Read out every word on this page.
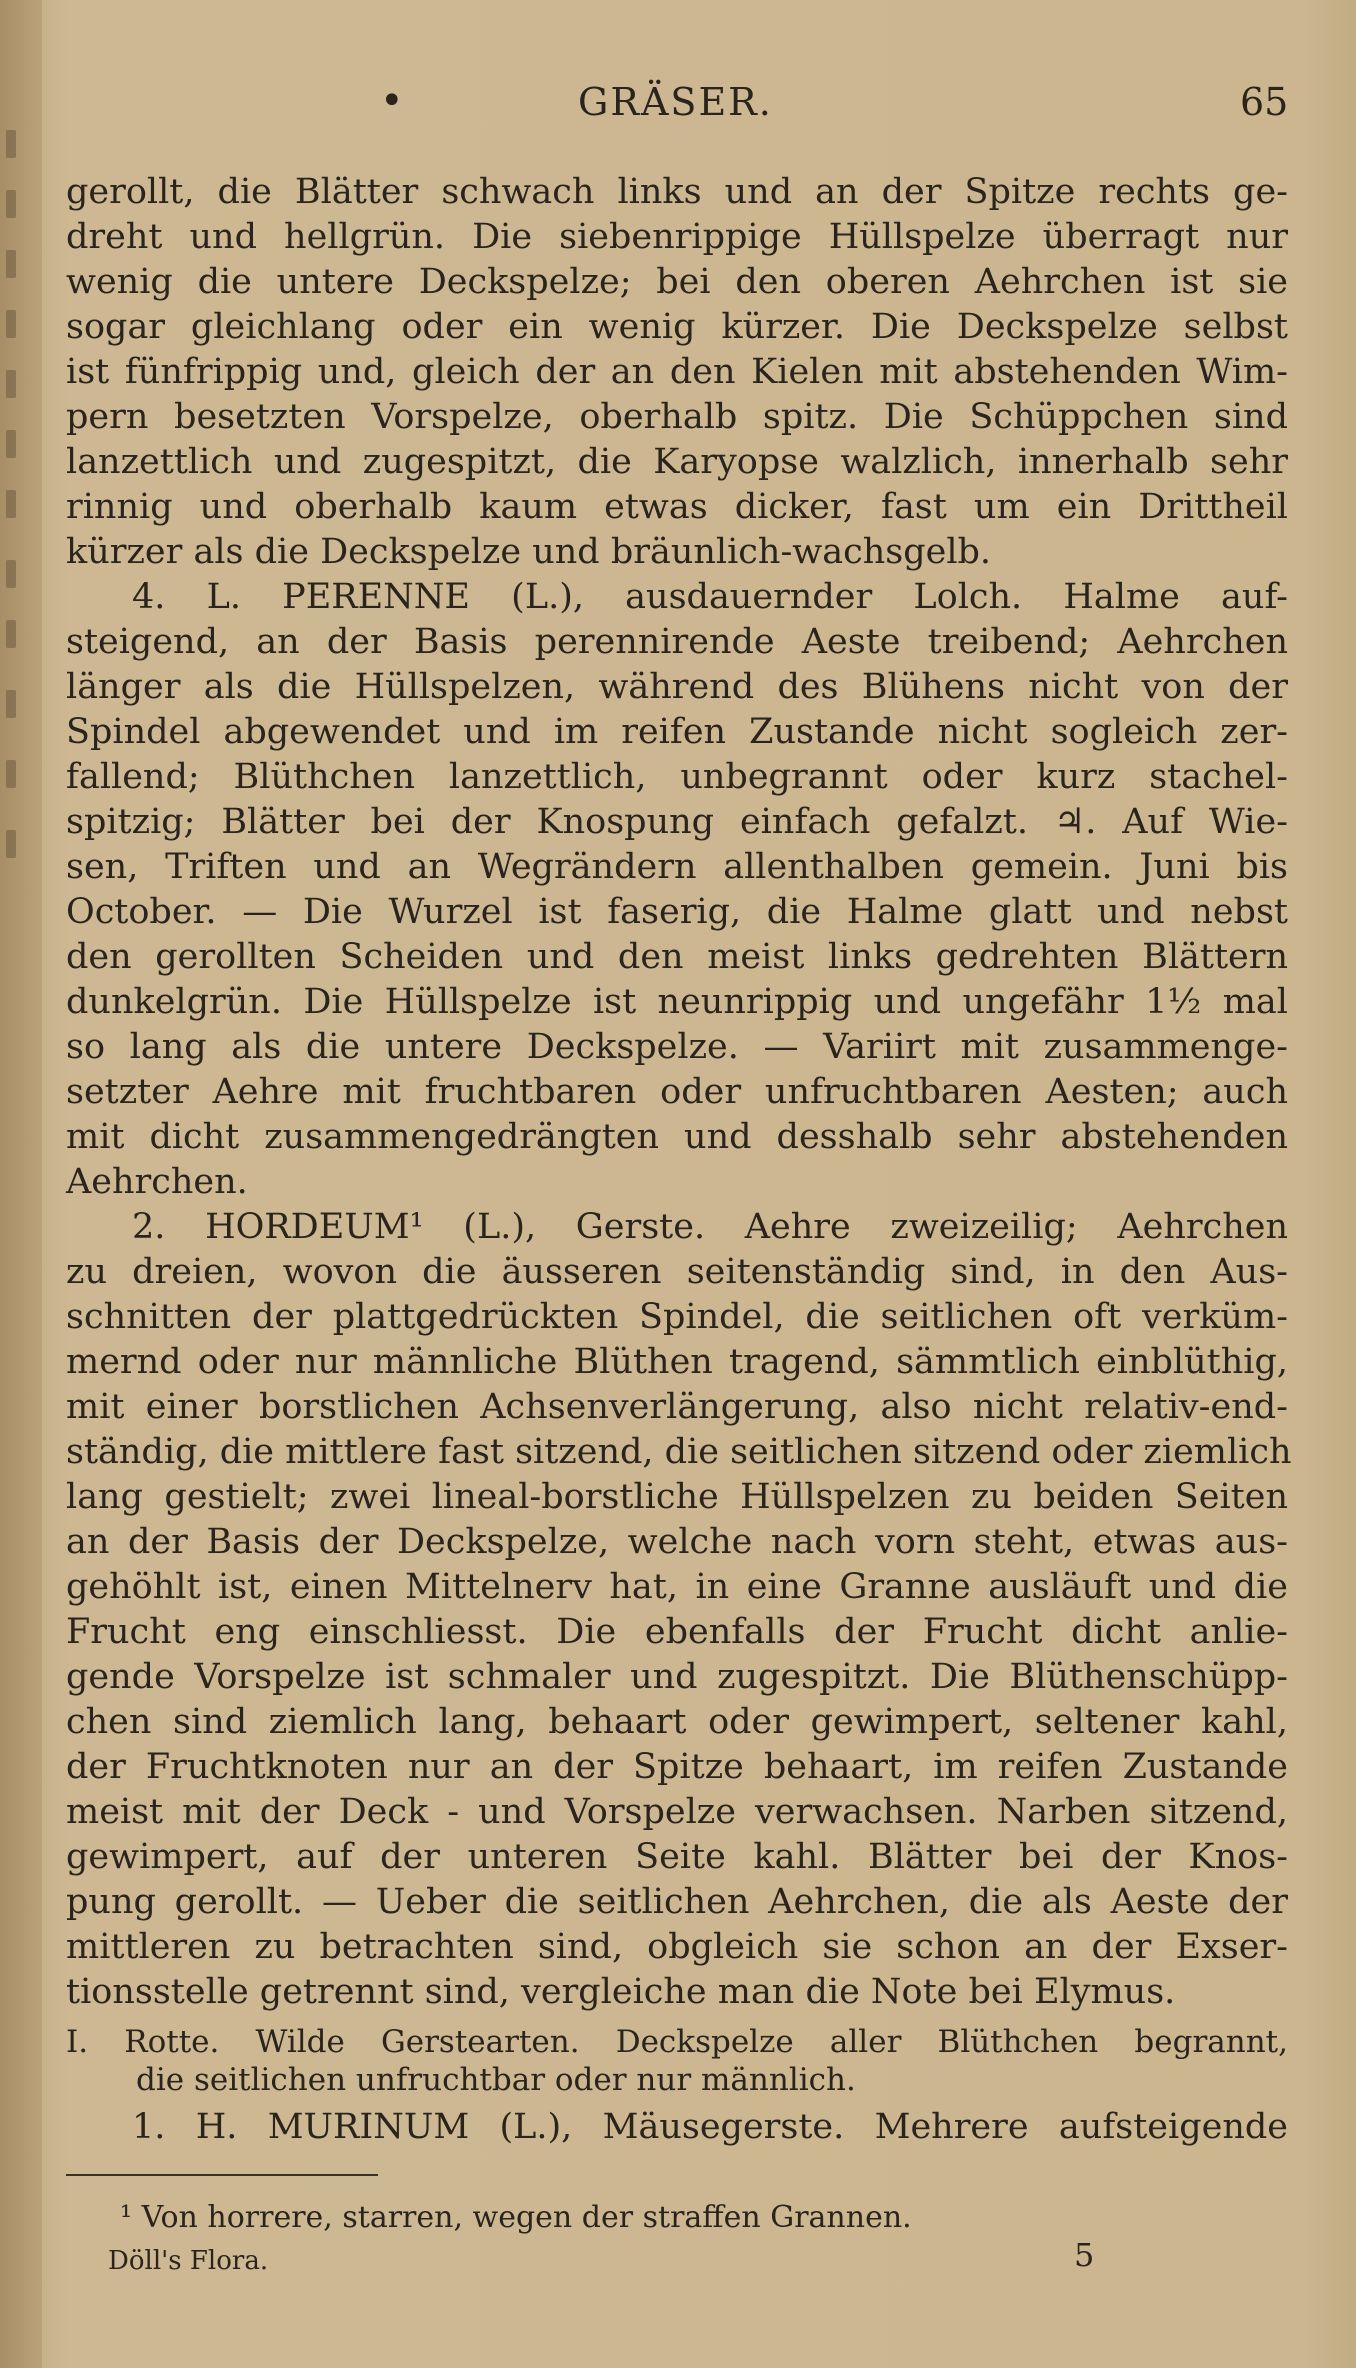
•	GRÄSER.	65
gerollt, die Blätter schwach links und an der Spitze rechts ge-
dreht und hellgrün. Die siebenrippige Hüllspelze überragt nur
wenig die untere Deckspelze; bei den oberen Aehrchen ist sie
sogar gleichlang oder ein wenig kürzer. Die Deckspelze selbst
ist fünfrippig und, gleich der an den Kielen mit abstehenden Wim-
pern besetzten Vorspelze, oberhalb spitz. Die Schüppchen sind
lanzettlich und zugespitzt, die Karyopse walzlich, innerhalb sehr
rinnig und oberhalb kaum etwas dicker, fast um ein Drittheil
kürzer als die Deckspelze und bräunlich-wachsgelb.
4. L. PERENNE (L.), ausdauernder Lolch. Halme auf-
steigend, an der Basis perennirende Aeste treibend; Aehrchen
länger als die Hüllspelzen, während des Blühens nicht von der
Spindel abgewendet und im reifen Zustande nicht sogleich zer-
fallend; Blüthchen lanzettlich, unbegrannt oder kurz stachel-
spitzig; Blätter bei der Knospung einfach gefalzt. ♃. Auf Wie-
sen, Triften und an Wegrändern allenthalben gemein. Juni bis
October. — Die Wurzel ist faserig, die Halme glatt und nebst
den gerollten Scheiden und den meist links gedrehten Blättern
dunkelgrün. Die Hüllspelze ist neunrippig und ungefähr 1½ mal
so lang als die untere Deckspelze. — Variirt mit zusammenge-
setzter Aehre mit fruchtbaren oder unfruchtbaren Aesten; auch
mit dicht zusammengedrängten und desshalb sehr abstehenden
Aehrchen.
2. HORDEUM¹ (L.), Gerste. Aehre zweizeilig; Aehrchen
zu dreien, wovon die äusseren seitenständig sind, in den Aus-
schnitten der plattgedrückten Spindel, die seitlichen oft verküm-
mernd oder nur männliche Blüthen tragend, sämmtlich einblüthig,
mit einer borstlichen Achsenverlängerung, also nicht relativ-end-
ständig, die mittlere fast sitzend, die seitlichen sitzend oder ziemlich
lang gestielt; zwei lineal-borstliche Hüllspelzen zu beiden Seiten
an der Basis der Deckspelze, welche nach vorn steht, etwas aus-
gehöhlt ist, einen Mittelnerv hat, in eine Granne ausläuft und die
Frucht eng einschliesst. Die ebenfalls der Frucht dicht anlie-
gende Vorspelze ist schmaler und zugespitzt. Die Blüthenschüpp-
chen sind ziemlich lang, behaart oder gewimpert, seltener kahl,
der Fruchtknoten nur an der Spitze behaart, im reifen Zustande
meist mit der Deck - und Vorspelze verwachsen. Narben sitzend,
gewimpert, auf der unteren Seite kahl. Blätter bei der Knos-
pung gerollt. — Ueber die seitlichen Aehrchen, die als Aeste der
mittleren zu betrachten sind, obgleich sie schon an der Exser-
tionsstelle getrennt sind, vergleiche man die Note bei Elymus.
I. Rotte. Wilde Gerstearten. Deckspelze aller Blüthchen begrannt,
die seitlichen unfruchtbar oder nur männlich.
1. H. MURINUM (L.), Mäusegerste. Mehrere aufsteigende
¹ Von horrere, starren, wegen der straffen Grannen.
Döll's Flora.	5
